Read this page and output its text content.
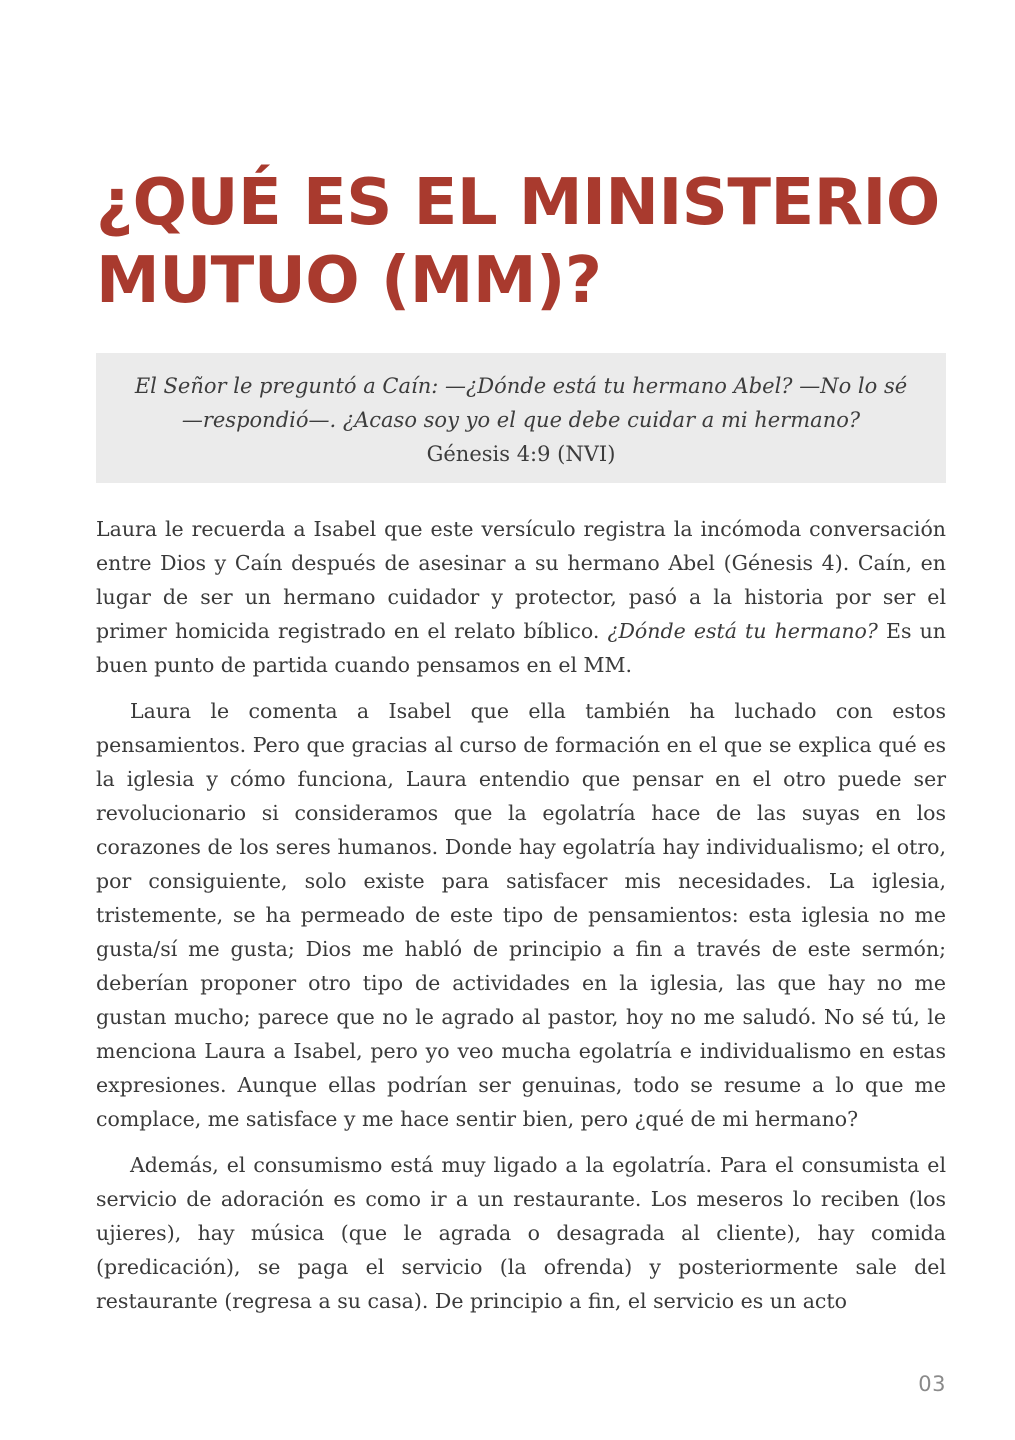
¿QUÉ ES EL MINISTERIO
MUTUO (MM)?

El Señor le preguntó a Caín: —¿Dónde está tu hermano Abel? —No lo sé —respondió—. ¿Acaso soy yo el que debe cuidar a mi hermano?

Génesis 4:9 (NVI)

Laura le recuerda a Isabel que este versículo registra la incómoda conversación entre Dios y Caín después de asesinar a su hermano Abel (Génesis 4). Caín, en lugar de ser un hermano cuidador y protector, pasó a la historia por ser el primer homicida registrado en el relato bíblico. ¿Dónde está tu hermano? Es un buen punto de partida cuando pensamos en el MM.

Laura le comenta a Isabel que ella también ha luchado con estos pensamientos. Pero que gracias al curso de formación en el que se explica qué es la iglesia y cómo funciona, Laura entendio que pensar en el otro puede ser revolucionario si consideramos que la egolatría hace de las suyas en los corazones de los seres humanos. Donde hay egolatría hay individualismo; el otro, por consiguiente, solo existe para satisfacer mis necesidades. La iglesia, tristemente, se ha permeado de este tipo de pensamientos: esta iglesia no me gusta/sí me gusta; Dios me habló de principio a fin a través de este sermón; deberían proponer otro tipo de actividades en la iglesia, las que hay no me gustan mucho; parece que no le agrado al pastor, hoy no me saludó. No sé tú, le menciona Laura a Isabel, pero yo veo mucha egolatría e individualismo en estas expresiones. Aunque ellas podrían ser genuinas, todo se resume a lo que me complace, me satisface y me hace sentir bien, pero ¿qué de mi hermano?

Además, el consumismo está muy ligado a la egolatría. Para el consumista el servicio de adoración es como ir a un restaurante. Los meseros lo reciben (los ujieres), hay música (que le agrada o desagrada al cliente), hay comida (predicación), se paga el servicio (la ofrenda) y posteriormente sale del restaurante (regresa a su casa). De principio a fin, el servicio es un acto

03
